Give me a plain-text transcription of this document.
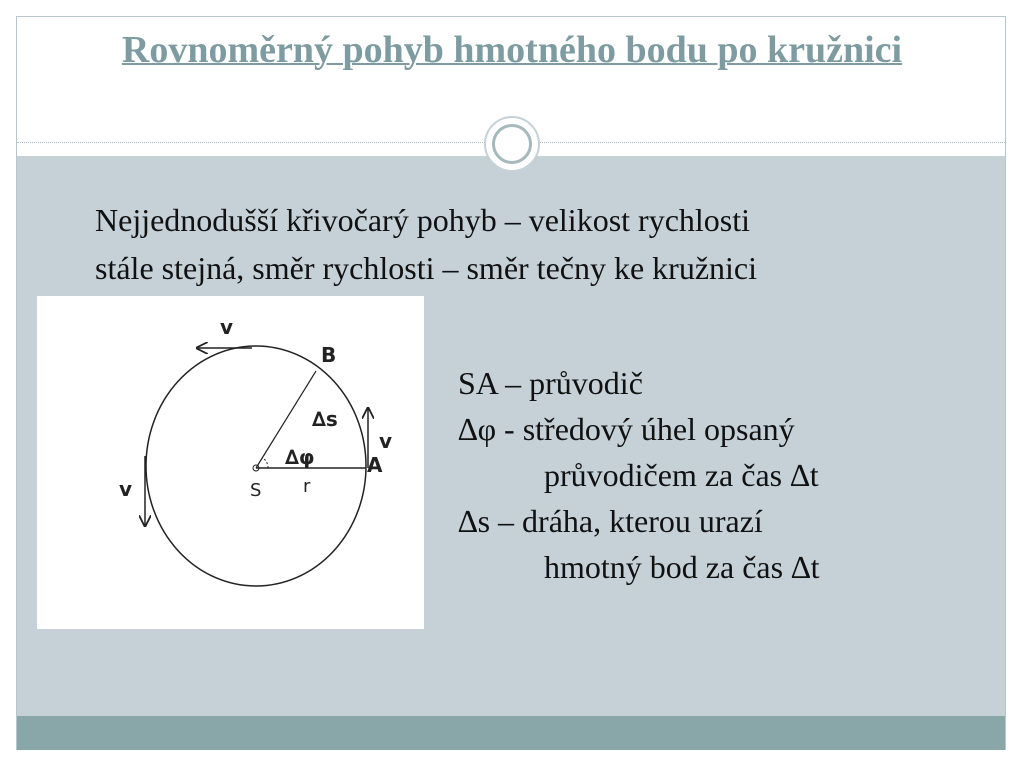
Rovnoměrný pohyb hmotného bodu po kružnici
Nejjednodušší křivočarý pohyb – velikost rychlosti
stále stejná, směr rychlosti – směr tečny ke kružnici
v
B
∆s
v
∆φ	A
S r
v
SA – průvodič
∆φ - středový úhel opsaný
průvodičem za čas ∆t
∆s – dráha, kterou urazí
hmotný bod za čas ∆t
